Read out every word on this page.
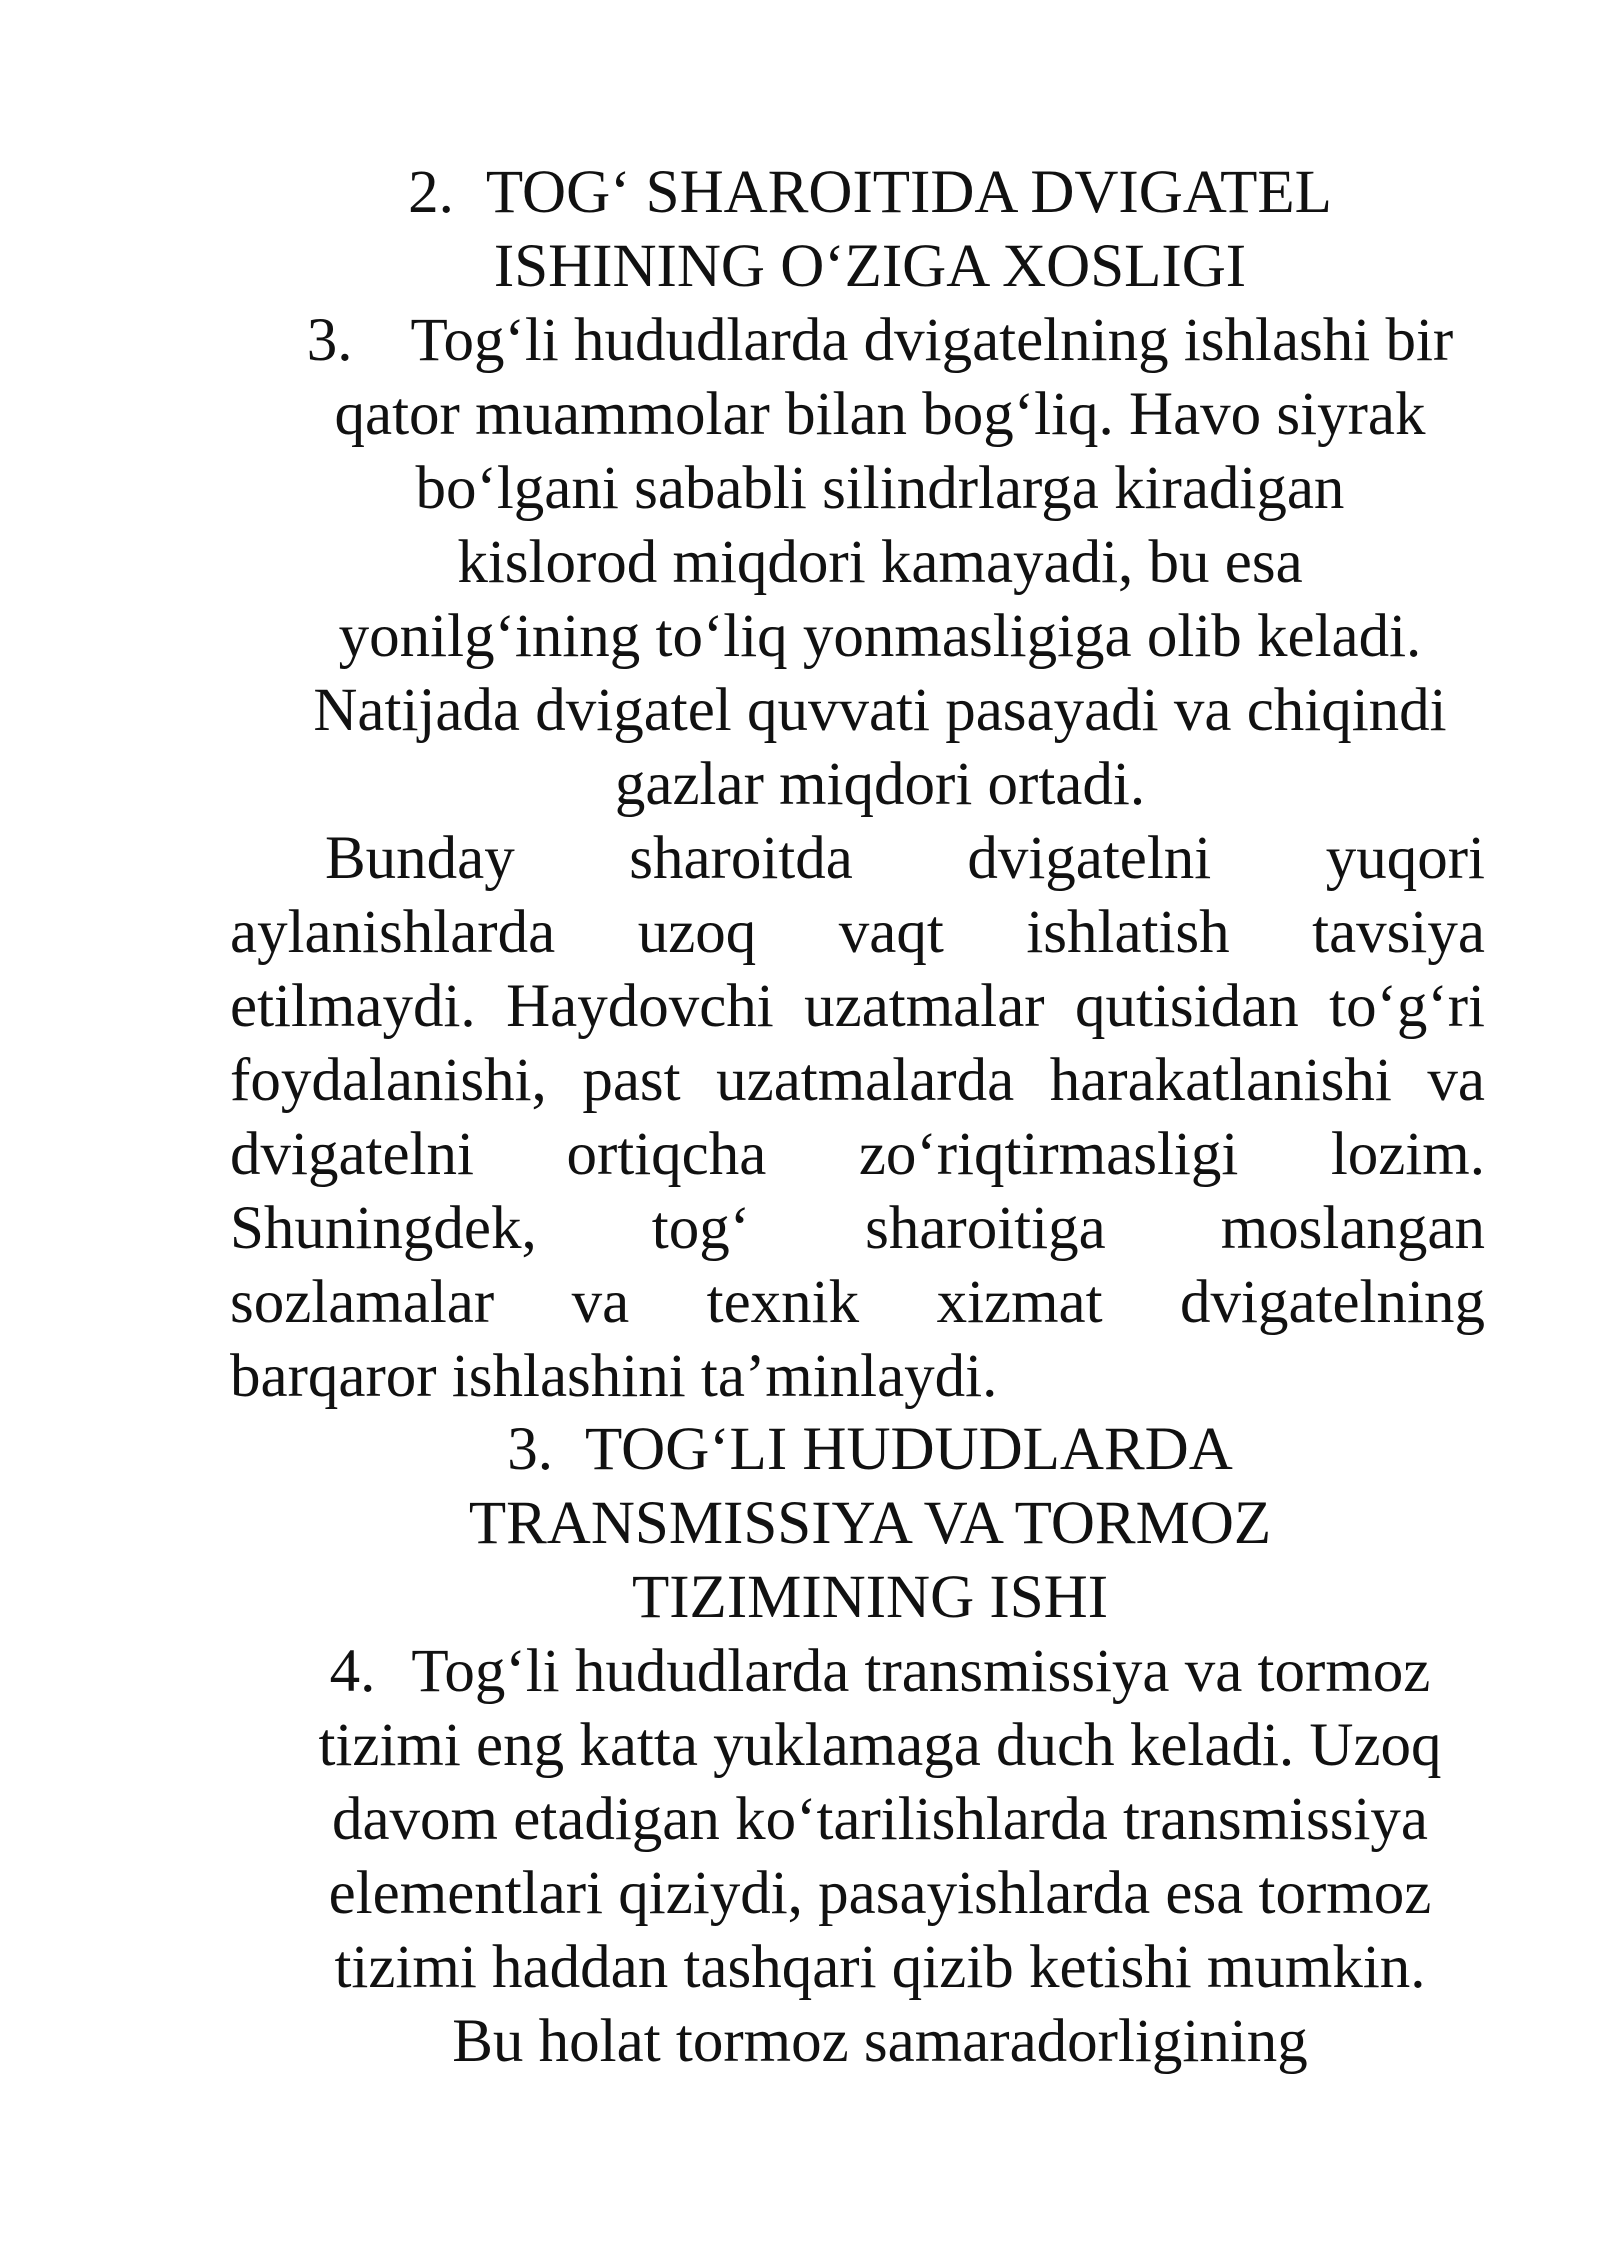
2. TOG‘ SHAROITIDA DVIGATEL
ISHINING O‘ZIGA XOSLIGI
3. Tog‘li hududlarda dvigatelning ishlashi bir
qator muammolar bilan bog‘liq. Havo siyrak
bo‘lgani sababli silindrlarga kiradigan
kislorod miqdori kamayadi, bu esa
yonilg‘ining to‘liq yonmasligiga olib keladi.
Natijada dvigatel quvvati pasayadi va chiqindi
gazlar miqdori ortadi.
Bunday sharoitda dvigatelni yuqori
aylanishlarda uzoq vaqt ishlatish tavsiya
etilmaydi. Haydovchi uzatmalar qutisidan to‘g‘ri
foydalanishi, past uzatmalarda harakatlanishi va
dvigatelni ortiqcha zo‘riqtirmasligi lozim.
Shuningdek, tog‘ sharoitiga moslangan
sozlamalar va texnik xizmat dvigatelning
barqaror ishlashini ta’minlaydi.
3. TOG‘LI HUDUDLARDA
TRANSMISSIYA VA TORMOZ
TIZIMINING ISHI
4. Tog‘li hududlarda transmissiya va tormoz
tizimi eng katta yuklamaga duch keladi. Uzoq
davom etadigan ko‘tarilishlarda transmissiya
elementlari qiziydi, pasayishlarda esa tormoz
tizimi haddan tashqari qizib ketishi mumkin.
Bu holat tormoz samaradorligining
